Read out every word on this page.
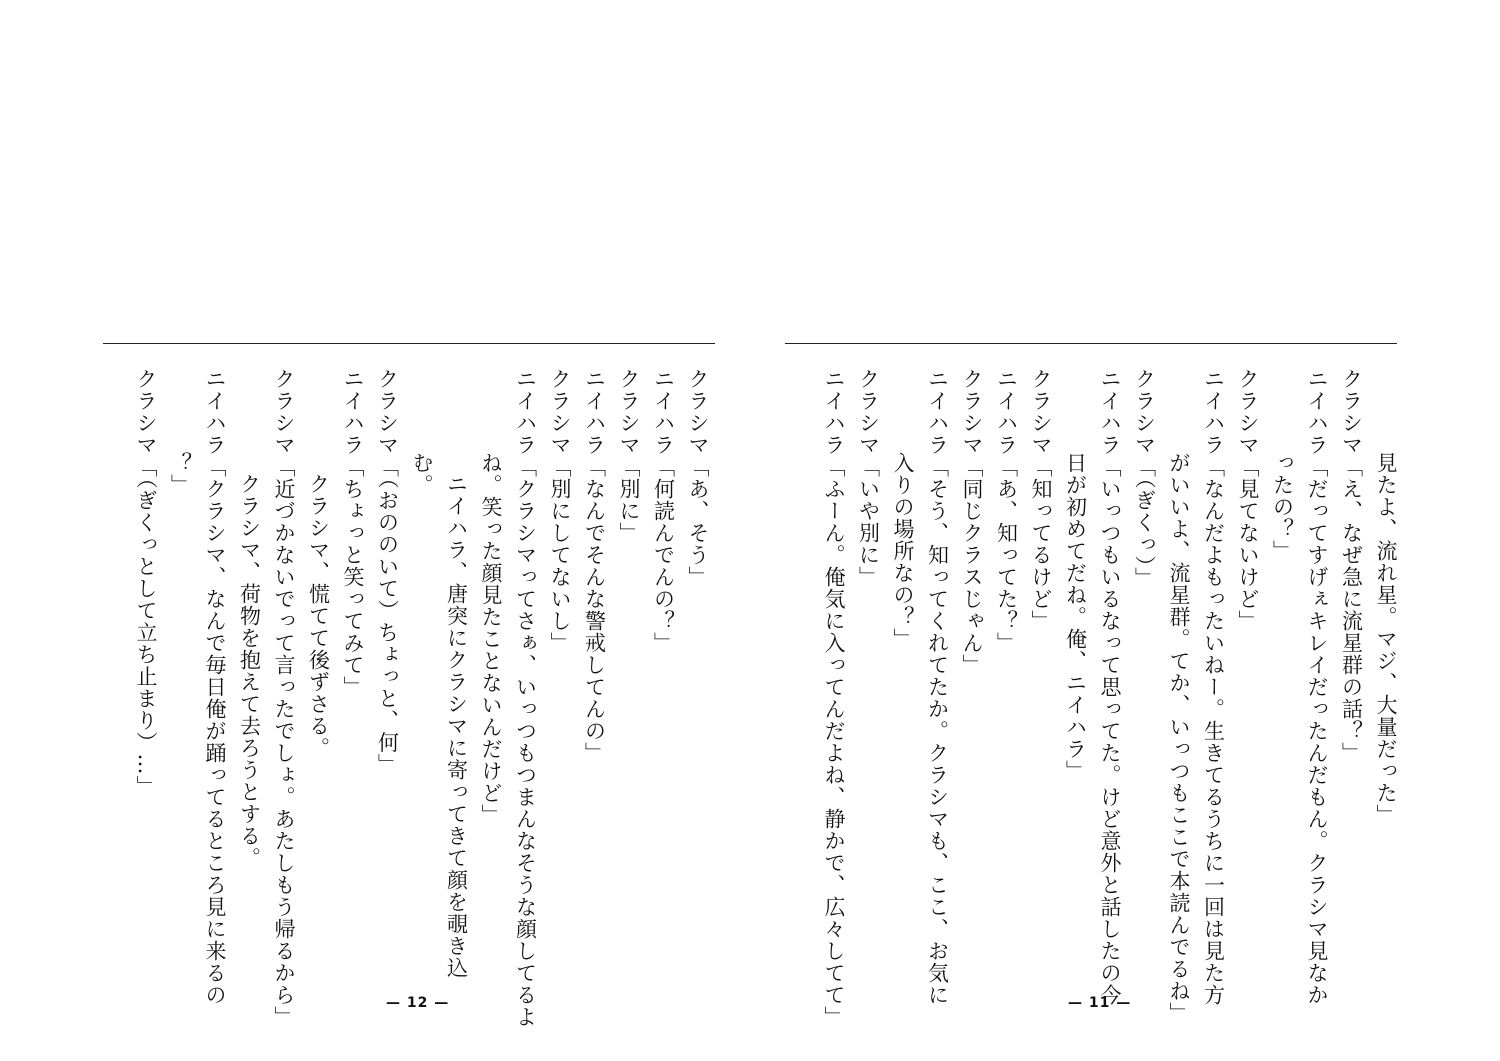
クラシマ「あ、そう」
ニイハラ「何読んでんの？」
クラシマ「別に」
ニイハラ「なんでそんな警戒してんの」
クラシマ「別にしてないし」
ニイハラ「クラシマってさぁ、いっつもつまんなそうな顔してるよ
ね。笑った顔見たことないんだけど」
ニイハラ、唐突にクラシマに寄ってきて顔を覗き込
む。
クラシマ「（おののいて）ちょっと、何」
ニイハラ「ちょっと笑ってみて」
クラシマ、慌てて後ずさる。
クラシマ「近づかないでって言ったでしょ。あたしもう帰るから」
クラシマ、荷物を抱えて去ろうとする。
ニイハラ「クラシマ、なんで毎日俺が踊ってるところ見に来るの
？」
クラシマ「（ぎくっとして立ち止まり）…」
— 12 —
見たよ、流れ星。マジ、大量だった」
クラシマ「え、なぜ急に流星群の話？」
ニイハラ「だってすげぇキレイだったんだもん。クラシマ見なか
ったの？」
クラシマ「見てないけど」
ニイハラ「なんだよもったいねー。生きてるうちに一回は見た方
がいいよ、流星群。てか、いっつもここで本読んでるね」
クラシマ「（ぎくっ）」
ニイハラ「いっつもいるなって思ってた。けど意外と話したの今
日が初めてだね。俺、ニイハラ」
クラシマ「知ってるけど」
ニイハラ「あ、知ってた？」
クラシマ「同じクラスじゃん」
ニイハラ「そう、知ってくれてたか。クラシマも、ここ、お気に
入りの場所なの？」
クラシマ「いや別に」
ニイハラ「ふーん。俺気に入ってんだよね、静かで、広々してて」	— 11 —
